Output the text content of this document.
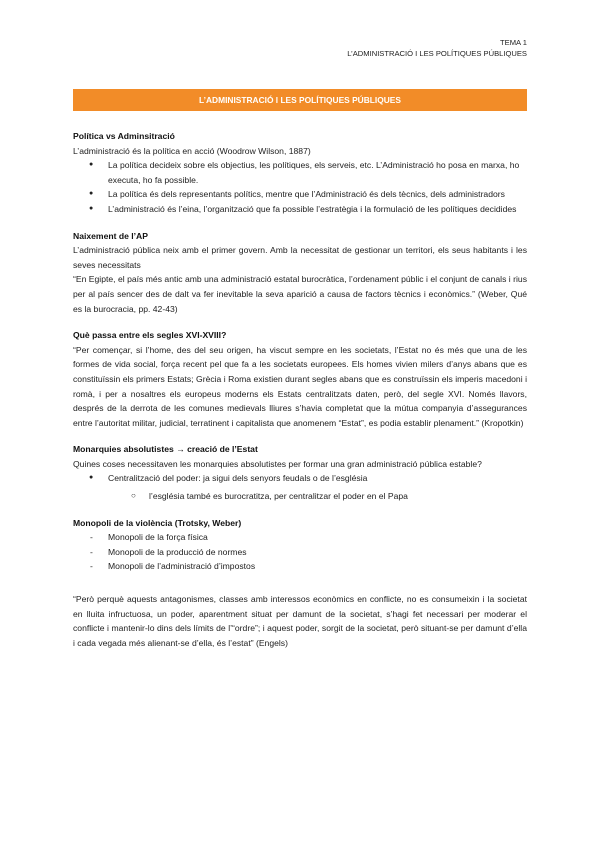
TEMA 1
L’ADMINISTRACIÓ I LES POLÍTIQUES PÚBLIQUES
L’ADMINISTRACIÓ I LES POLÍTIQUES PÚBLIQUES
Política vs Adminsitració

L’administració és la política en acció (Woodrow Wilson, 1887)

● La política decideix sobre els objectius, les polítiques, els serveis, etc. L’Administració ho posa en marxa, ho executa, ho fa possible.
● La política és dels representants polítics, mentre que l’Administració és dels tècnics, dels administradors
● L’administració és l’eina, l’organització que fa possible l’estratègia i la formulació de les polítiques decidides
Naixement de l’AP

L’administració pública neix amb el primer govern. Amb la necessitat de gestionar un territori, els seus habitants i les seves necessitats

“En Egipte, el país més antic amb una administració estatal burocràtica, l’ordenament públic i el conjunt de canals i rius per al país sencer des de dalt va fer inevitable la seva aparició a causa de factors tècnics i econòmics.” (Weber, Qué es la burocracia, pp. 42-43)

Què passa entre els segles XVI-XVIII?

“Per començar, si l’home, des del seu origen, ha viscut sempre en les societats, l’Estat no és més que una de les formes de vida social, força recent pel que fa a les societats europees. Els homes vivien milers d’anys abans que es constituïssin els primers Estats; Grècia i Roma existien durant segles abans que es construïssin els imperis macedoni i romà, i per a nosaltres els europeus moderns els Estats centralitzats daten, però, del segle XVI. Només llavors, després de la derrota de les comunes medievals lliures s’havia completat que la mútua companyia d’assegurances entre l’autoritat militar, judicial, terratinent i capitalista que anomenem “Estat”, es podia establir plenament.” (Kropotkin)

Monarquies absolutistes → creació de l’Estat

Quines coses necessitaven les monarquies absolutistes per formar una gran administració pública estable?

● Centralització del poder: ja sigui dels senyors feudals o de l’església
○ l’església també es burocratitza, per centralitzar el poder en el Papa
Monopoli de la violència (Trotsky, Weber)
- Monopoli de la força física
- Monopoli de la producció de normes
- Monopoli de l’administració d’impostos

“Però perquè aquests antagonismes, classes amb interessos econòmics en conflicte, no es consumeixin i la societat en lluita infructuosa, un poder, aparentment situat per damunt de la societat, s’hagi fet necessari per moderar el conflicte i mantenir-lo dins dels límits de l’“ordre”; i aquest poder, sorgit de la societat, però situant-se per damunt d’ella i cada vegada més alienant-se d’ella, és l’estat” (Engels)
